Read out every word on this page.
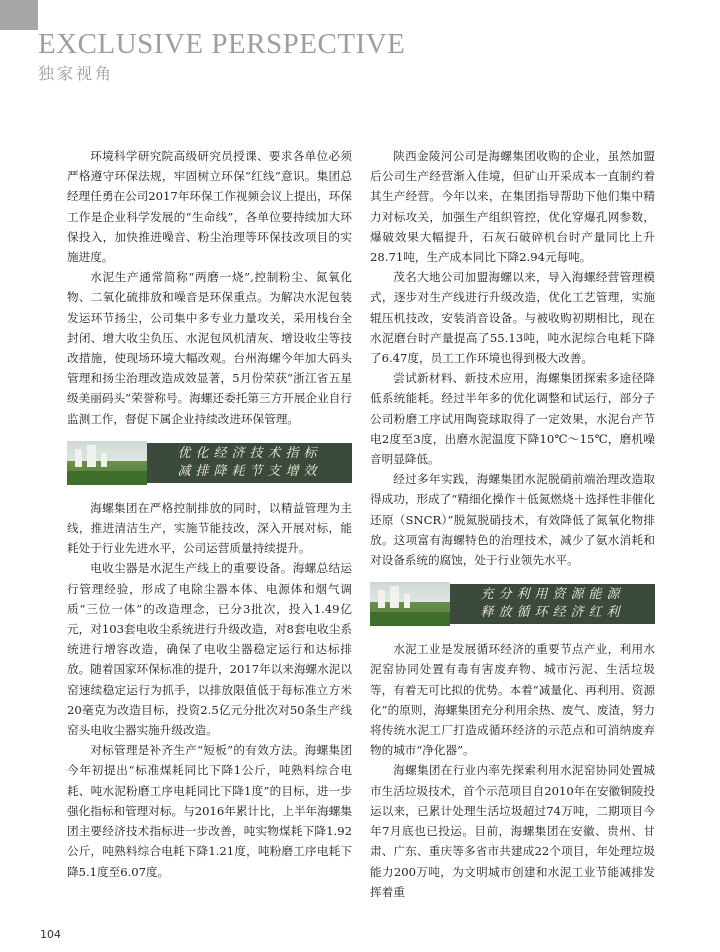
EXCLUSIVE PERSPECTIVE
独家视角

环境科学研究院高级研究员授课、要求各单位必须严格遵守环保法规，牢固树立环保“红线”意识。集团总经理任勇在公司2017年环保工作视频会议上提出，环保工作是企业科学发展的“生命线”，各单位要持续加大环保投入，加快推进噪音、粉尘治理等环保技改项目的实施进度。

水泥生产通常简称“两磨一烧”,控制粉尘、氮氧化物、二氧化硫排放和噪音是环保重点。为解决水泥包装发运环节扬尘，公司集中多专业力量攻关，采用栈台全封闭、增大收尘负压、水泥包风机清灰、增设收尘等技改措施，使现场环境大幅改观。台州海螺今年加大码头管理和扬尘治理改造成效显著，5月份荣获“浙江省五星级美丽码头”荣誉称号。海螺还委托第三方开展企业自行监测工作，督促下属企业持续改进环保管理。

优化经济技术指标
减排降耗节支增效

海螺集团在严格控制排放的同时，以精益管理为主线，推进清洁生产，实施节能技改，深入开展对标，能耗处于行业先进水平，公司运营质量持续提升。

电收尘器是水泥生产线上的重要设备。海螺总结运行管理经验，形成了电除尘器本体、电源体和烟气调质“三位一体”的改造理念，已分3批次，投入1.49亿元，对103套电收尘系统进行升级改造，对8套电收尘系统进行增容改造，确保了电收尘器稳定运行和达标排放。随着国家环保标准的提升，2017年以来海螺水泥以窑速续稳定运行为抓手，以排放限值低于每标准立方米20毫克为改造目标，投资2.5亿元分批次对50条生产线窑头电收尘器实施升级改造。

对标管理是补齐生产“短板”的有效方法。海螺集团今年初提出“标准煤耗同比下降1公斤，吨熟料综合电耗、吨水泥粉磨工序电耗同比下降1度”的目标，进一步强化指标和管理对标。与2016年累计比，上半年海螺集团主要经济技术指标进一步改善，吨实物煤耗下降1.92公斤，吨熟料综合电耗下降1.21度，吨粉磨工序电耗下降5.1度至6.07度。

陕西金陵河公司是海螺集团收购的企业，虽然加盟后公司生产经营渐入佳境，但矿山开采成本一直制约着其生产经营。今年以来，在集团指导帮助下他们集中精力对标攻关，加强生产组织管控，优化穿爆孔网参数，爆破效果大幅提升，石灰石破碎机台时产量同比上升28.71吨，生产成本同比下降2.94元每吨。

茂名大地公司加盟海螺以来，导入海螺经营管理模式，逐步对生产线进行升级改造，优化工艺管理，实施辊压机技改，安装消音设备。与被收购初期相比，现在水泥磨台时产量提高了55.13吨，吨水泥综合电耗下降了6.47度，员工工作环境也得到极大改善。

尝试新材料、新技术应用，海螺集团探索多途径降低系统能耗。经过半年多的优化调整和试运行，部分子公司粉磨工序试用陶瓷球取得了一定效果，水泥台产节电2度至3度，出磨水泥温度下降10℃～15℃，磨机噪音明显降低。

经过多年实践，海螺集团水泥脱硝前端治理改造取得成功，形成了“精细化操作＋低氮燃烧＋选择性非催化还原（SNCR）”脱氮脱硝技术，有效降低了氮氧化物排放。这项富有海螺特色的治理技术，减少了氨水消耗和对设备系统的腐蚀，处于行业领先水平。

充分利用资源能源
释放循环经济红利

水泥工业是发展循环经济的重要节点产业，利用水泥窑协同处置有毒有害废弃物、城市污泥、生活垃圾等，有着无可比拟的优势。本着“减量化、再利用、资源化”的原则，海螺集团充分利用余热、废气、废渣，努力将传统水泥工厂打造成循环经济的示范点和可消纳废弃物的城市“净化器”。

海螺集团在行业内率先探索利用水泥窑协同处置城市生活垃圾技术，首个示范项目自2010年在安徽铜陵投运以来，已累计处理生活垃圾超过74万吨，二期项目今年7月底也已投运。目前，海螺集团在安徽、贵州、甘肃、广东、重庆等多省市共建成22个项目，年处理垃圾能力200万吨，为文明城市创建和水泥工业节能减排发挥着重

104
